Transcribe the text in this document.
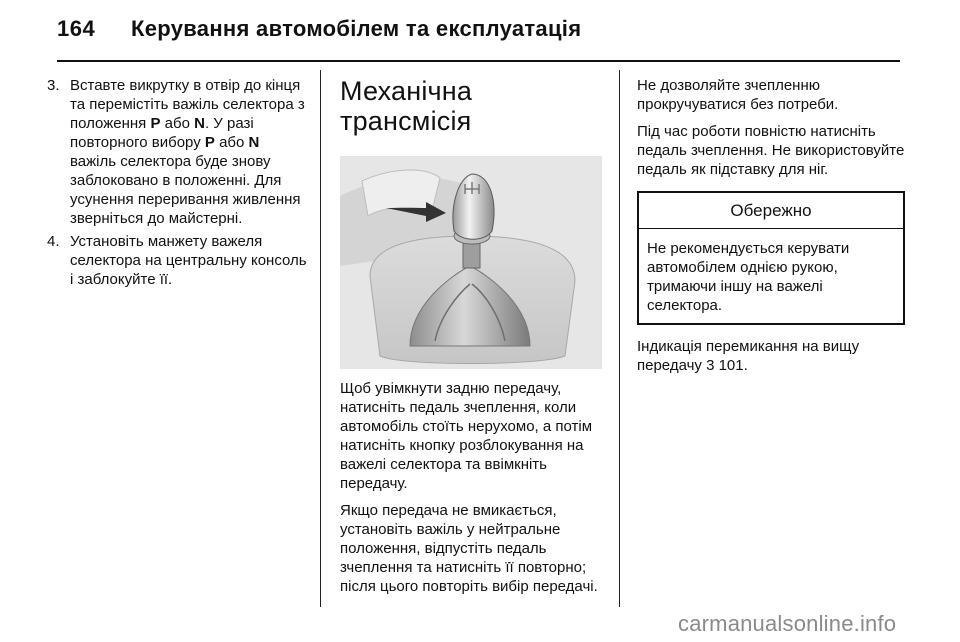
164 Керування автомобілем та експлуатація
3. Вставте викрутку в отвір до кінця та перемістіть важіль селектора з положення P або N. У разі повторного вибору P або N важіль селектора буде знову заблоковано в положенні. Для усунення переривання живлення зверніться до майстерні.
4. Установіть манжету важеля селектора на центральну консоль і заблокуйте її.
Механічна трансмісія

Щоб увімкнути задню передачу, натисніть педаль зчеплення, коли автомобіль стоїть нерухомо, а потім натисніть кнопку розблокування на важелі селектора та ввімкніть передачу.

Якщо передача не вмикається, установіть важіль у нейтральне положення, відпустіть педаль зчеплення та натисніть її повторно; після цього повторіть вибір передачі.

Не дозволяйте зчепленню прокручуватися без потреби.

Під час роботи повністю натисніть педаль зчеплення. Не використовуйте педаль як підставку для ніг.

Обережно
Не рекомендується керувати автомобілем однією рукою, тримаючи іншу на важелі селектора.

Індикація перемикання на вищу передачу 3 101.

carmanualsonline.info
